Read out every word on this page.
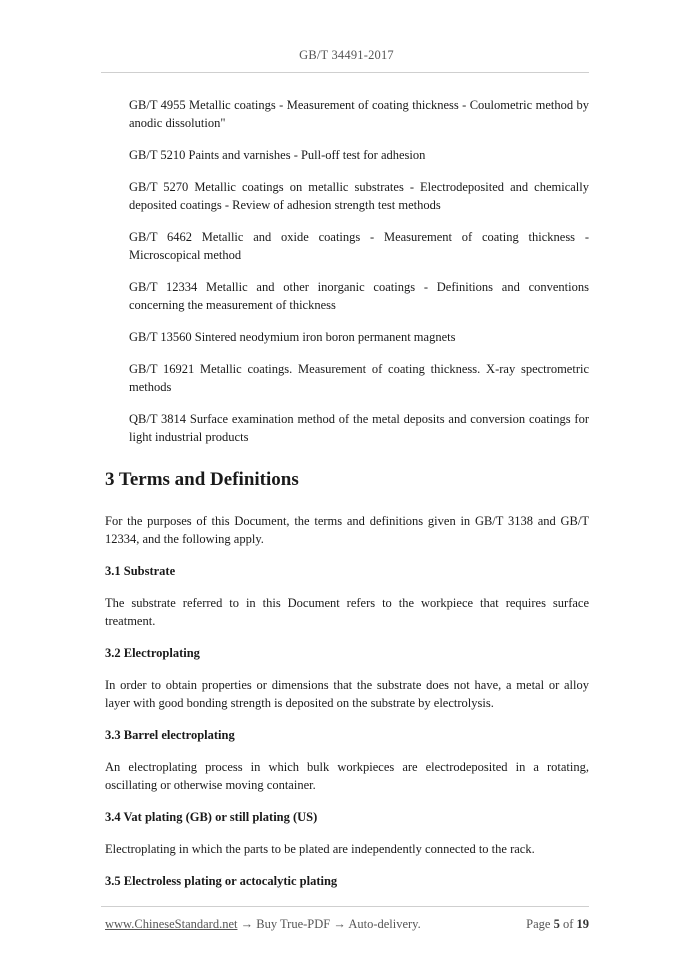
GB/T 34491-2017

GB/T 4955 Metallic coatings - Measurement of coating thickness - Coulometric method by anodic dissolution"

GB/T 5210 Paints and varnishes - Pull-off test for adhesion

GB/T 5270 Metallic coatings on metallic substrates - Electrodeposited and chemically deposited coatings - Review of adhesion strength test methods

GB/T 6462 Metallic and oxide coatings - Measurement of coating thickness - Microscopical method

GB/T 12334 Metallic and other inorganic coatings - Definitions and conventions concerning the measurement of thickness

GB/T 13560 Sintered neodymium iron boron permanent magnets

GB/T 16921 Metallic coatings. Measurement of coating thickness. X-ray spectrometric methods

QB/T 3814 Surface examination method of the metal deposits and conversion coatings for light industrial products

3 Terms and Definitions

For the purposes of this Document, the terms and definitions given in GB/T 3138 and GB/T 12334, and the following apply.

3.1 Substrate

The substrate referred to in this Document refers to the workpiece that requires surface treatment.

3.2 Electroplating

In order to obtain properties or dimensions that the substrate does not have, a metal or alloy layer with good bonding strength is deposited on the substrate by electrolysis.

3.3 Barrel electroplating

An electroplating process in which bulk workpieces are electrodeposited in a rotating, oscillating or otherwise moving container.

3.4 Vat plating (GB) or still plating (US)

Electroplating in which the parts to be plated are independently connected to the rack.

3.5 Electroless plating or actocalytic plating

www.ChineseStandard.net → Buy True-PDF → Auto-delivery.	Page 5 of 19
